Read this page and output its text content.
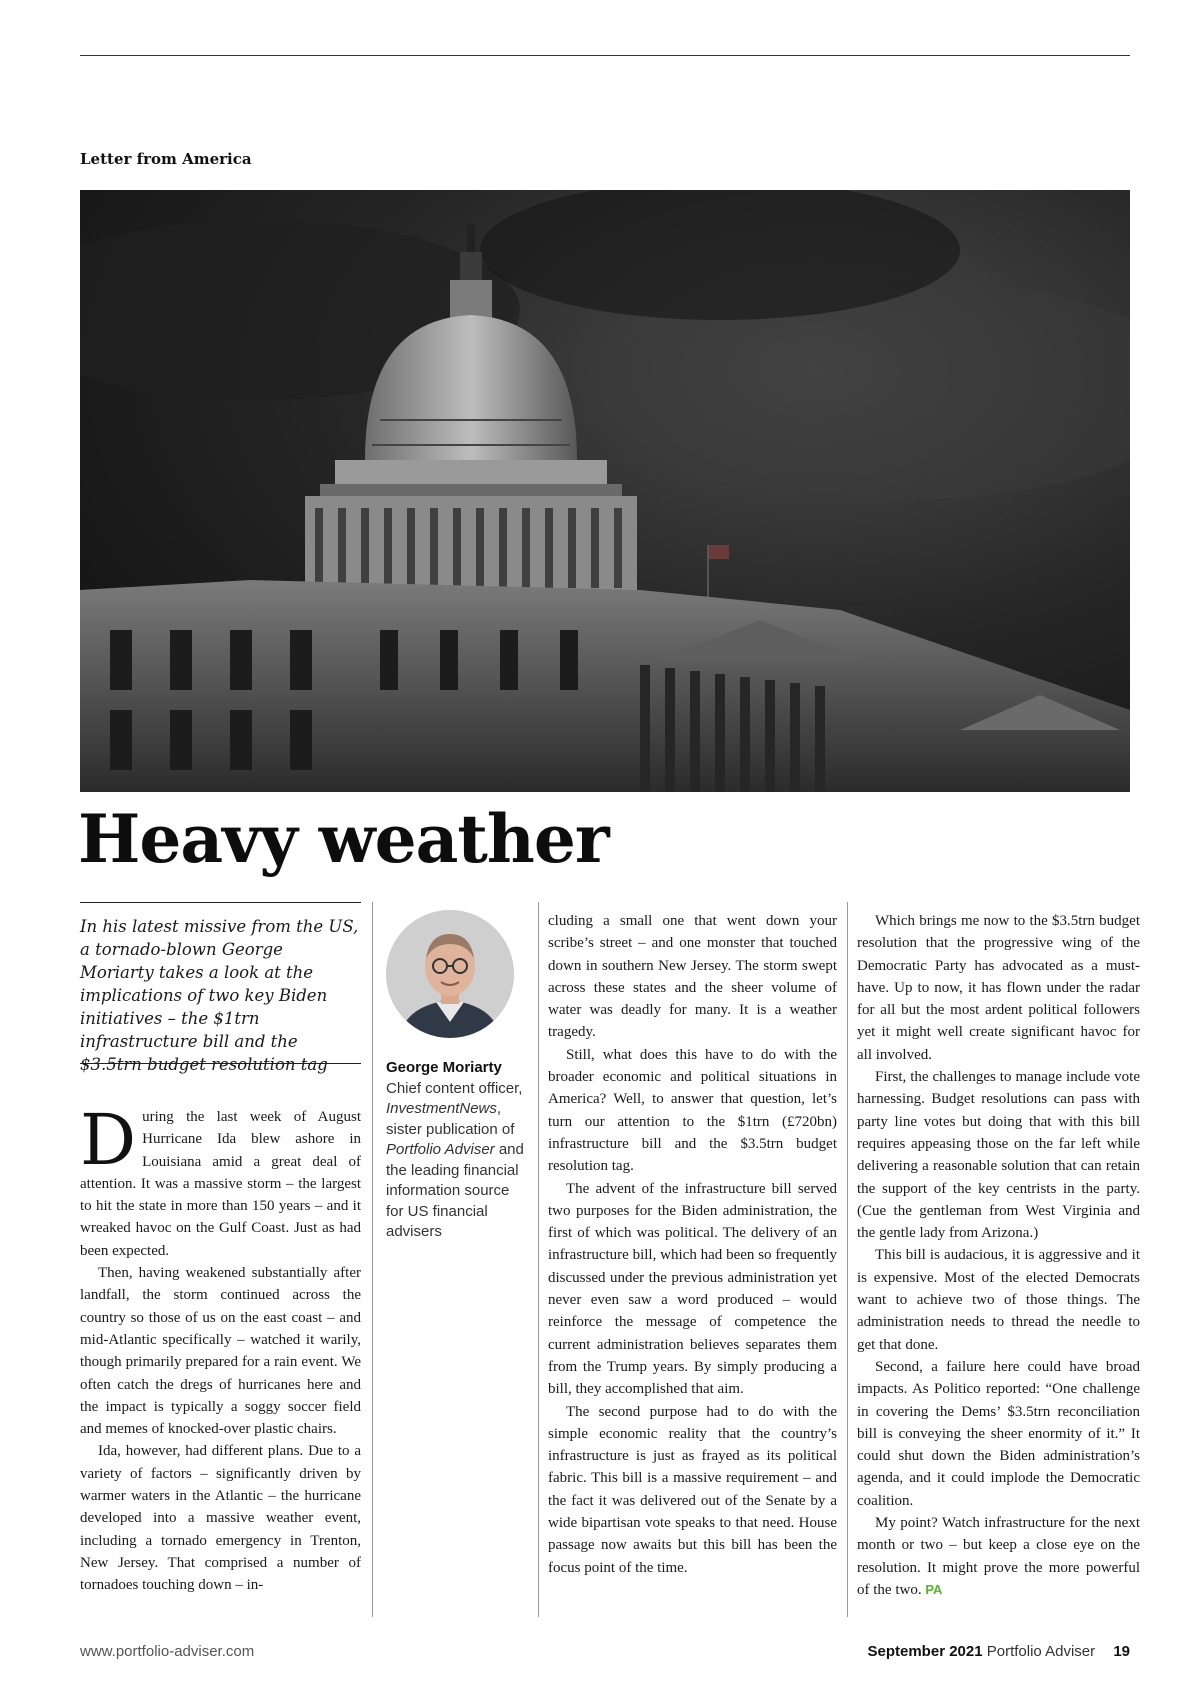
Letter from America
Heavy weather

In his latest missive from the US, a tornado-blown George Moriarty takes a look at the implications of two key Biden initiatives – the $1trn infrastructure bill and the $3.5trn budget resolution tag

During the last week of August Hurricane Ida blew ashore in Louisiana amid a great deal of attention. It was a massive storm – the largest to hit the state in more than 150 years – and it wreaked havoc on the Gulf Coast. Just as had been expected.

Then, having weakened substantially after landfall, the storm continued across the country so those of us on the east coast – and mid-Atlantic specifically – watched it warily, though primarily prepared for a rain event. We often catch the dregs of hurricanes here and the impact is typically a soggy soccer field and memes of knocked-over plastic chairs.

Ida, however, had different plans. Due to a variety of factors – significantly driven by warmer waters in the Atlantic – the hurricane developed into a massive weather event, including a tornado emergency in Trenton, New Jersey. That comprised a number of tornadoes touching down – in-

George Moriarty
Chief content officer, InvestmentNews, sister publication of Portfolio Adviser and the leading financial information source for US financial advisers

cluding a small one that went down your scribe’s street – and one monster that touched down in southern New Jersey. The storm swept across these states and the sheer volume of water was deadly for many. It is a weather tragedy.

Still, what does this have to do with the broader economic and political situations in America? Well, to answer that question, let’s turn our attention to the $1trn (£720bn) infrastructure bill and the $3.5trn budget resolution tag.

The advent of the infrastructure bill served two purposes for the Biden administration, the first of which was political. The delivery of an infrastructure bill, which had been so frequently discussed under the previous administration yet never even saw a word produced – would reinforce the message of competence the current administration believes separates them from the Trump years. By simply producing a bill, they accomplished that aim.

The second purpose had to do with the simple economic reality that the country’s infrastructure is just as frayed as its political fabric. This bill is a massive requirement – and the fact it was delivered out of the Senate by a wide bipartisan vote speaks to that need. House passage now awaits but this bill has been the focus point of the time.

Which brings me now to the $3.5trn budget resolution that the progressive wing of the Democratic Party has advocated as a must-have. Up to now, it has flown under the radar for all but the most ardent political followers yet it might well create significant havoc for all involved.

First, the challenges to manage include vote harnessing. Budget resolutions can pass with party line votes but doing that with this bill requires appeasing those on the far left while delivering a reasonable solution that can retain the support of the key centrists in the party. (Cue the gentleman from West Virginia and the gentle lady from Arizona.)

This bill is audacious, it is aggressive and it is expensive. Most of the elected Democrats want to achieve two of those things. The administration needs to thread the needle to get that done.

Second, a failure here could have broad impacts. As Politico reported: “One challenge in covering the Dems’ $3.5trn reconciliation bill is conveying the sheer enormity of it.” It could shut down the Biden administration’s agenda, and it could implode the Democratic coalition.

My point? Watch infrastructure for the next month or two – but keep a close eye on the resolution. It might prove the more powerful of the two. PA

www.portfolio-adviser.com	September 2021 Portfolio Adviser 19
